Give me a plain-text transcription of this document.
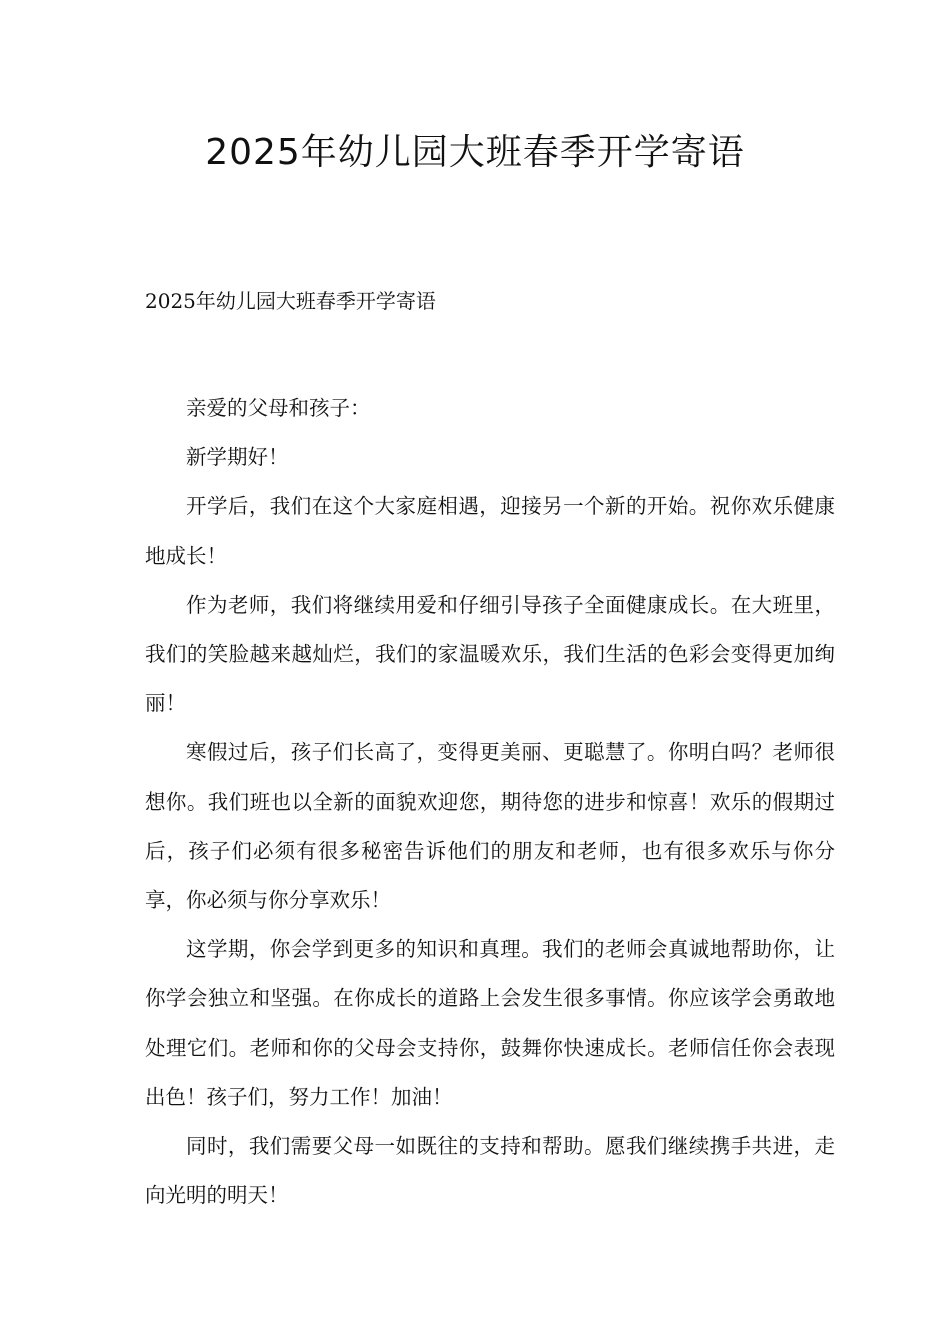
2025年幼儿园大班春季开学寄语
2025年幼儿园大班春季开学寄语

亲爱的父母和孩子：

新学期好！

开学后，我们在这个大家庭相遇，迎接另一个新的开始。祝你欢乐健康地成长！

作为老师，我们将继续用爱和仔细引导孩子全面健康成长。在大班里，我们的笑脸越来越灿烂，我们的家温暖欢乐，我们生活的色彩会变得更加绚丽！

寒假过后，孩子们长高了，变得更美丽、更聪慧了。你明白吗？老师很想你。我们班也以全新的面貌欢迎您，期待您的进步和惊喜！欢乐的假期过后，孩子们必须有很多秘密告诉他们的朋友和老师，也有很多欢乐与你分享，你必须与你分享欢乐！

这学期，你会学到更多的知识和真理。我们的老师会真诚地帮助你，让你学会独立和坚强。在你成长的道路上会发生很多事情。你应该学会勇敢地处理它们。老师和你的父母会支持你，鼓舞你快速成长。老师信任你会表现出色！孩子们，努力工作！加油！

同时，我们需要父母一如既往的支持和帮助。愿我们继续携手共进，走向光明的明天！
